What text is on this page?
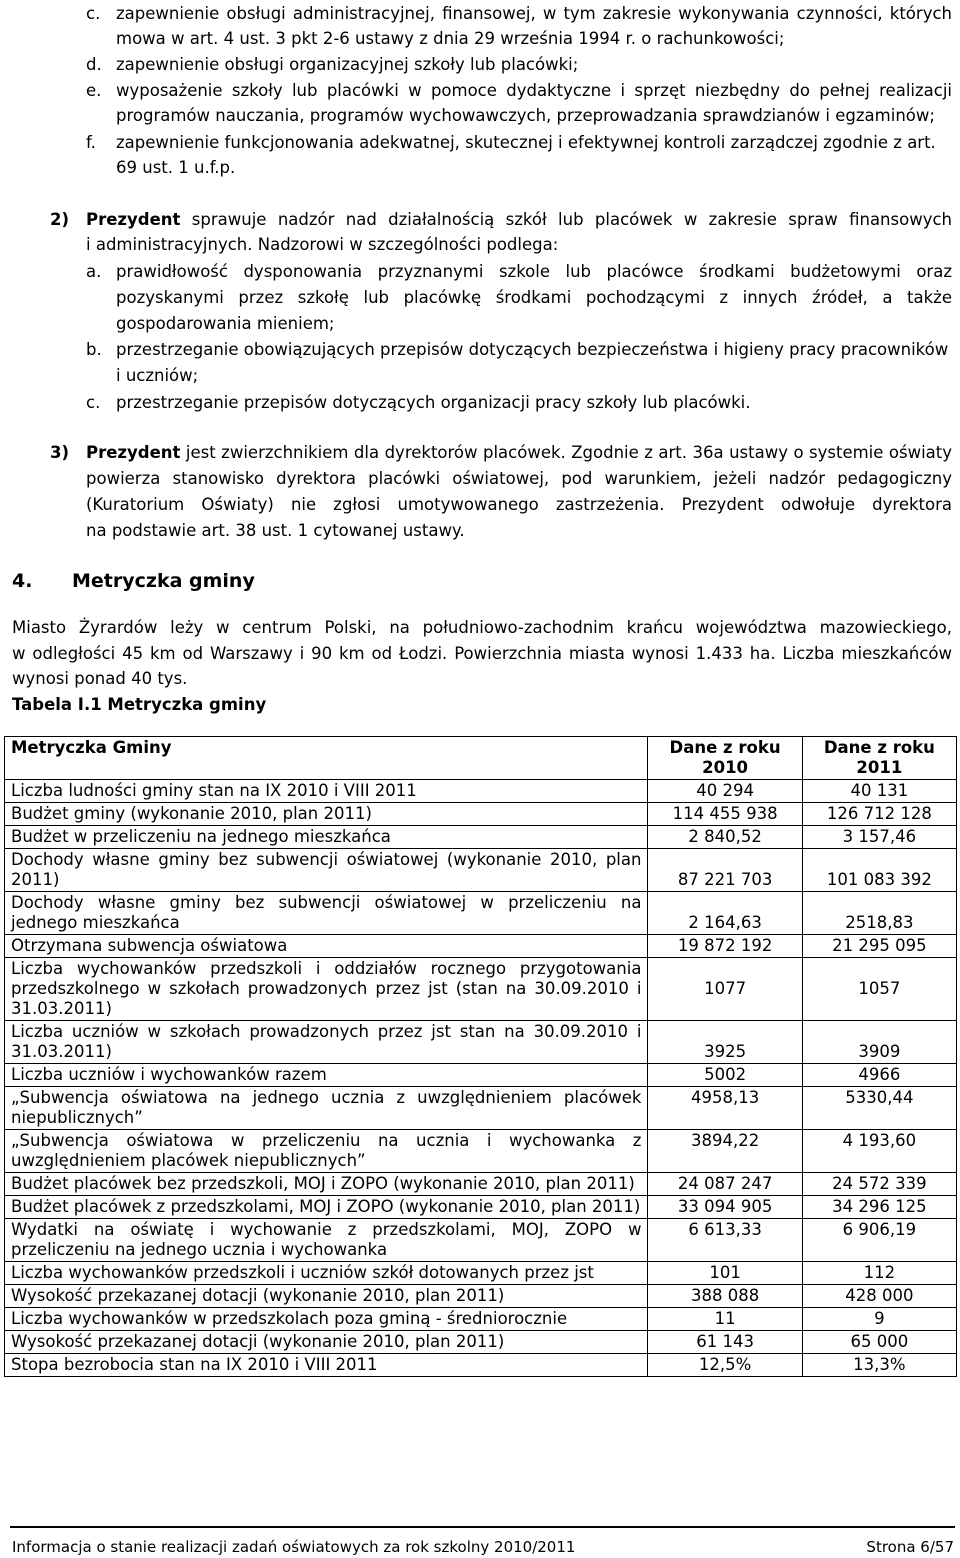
c. zapewnienie obsługi administracyjnej, finansowej, w tym zakresie wykonywania czynności, których
mowa w art. 4 ust. 3 pkt 2-6 ustawy z dnia 29 września 1994 r. o rachunkowości;
d. zapewnienie obsługi organizacyjnej szkoły lub placówki;
e. wyposażenie szkoły lub placówki w pomoce dydaktyczne i sprzęt niezbędny do pełnej realizacji
programów nauczania, programów wychowawczych, przeprowadzania sprawdzianów i egzaminów;
f. zapewnienie funkcjonowania adekwatnej, skutecznej i efektywnej kontroli zarządczej zgodnie z art.
69 ust. 1 u.f.p.
2) Prezydent sprawuje nadzór nad działalnością szkół lub placówek w zakresie spraw finansowych
i administracyjnych. Nadzorowi w szczególności podlega:
a. prawidłowość dysponowania przyznanymi szkole lub placówce środkami budżetowymi oraz
pozyskanymi przez szkołę lub placówkę środkami pochodzącymi z innych źródeł, a także
gospodarowania mieniem;
b. przestrzeganie obowiązujących przepisów dotyczących bezpieczeństwa i higieny pracy pracowników
i uczniów;
c. przestrzeganie przepisów dotyczących organizacji pracy szkoły lub placówki.
3) Prezydent jest zwierzchnikiem dla dyrektorów placówek. Zgodnie z art. 36a ustawy o systemie oświaty
powierza stanowisko dyrektora placówki oświatowej, pod warunkiem, jeżeli nadzór pedagogiczny
(Kuratorium Oświaty) nie zgłosi umotywowanego zastrzeżenia. Prezydent odwołuje dyrektora
na podstawie art. 38 ust. 1 cytowanej ustawy.
4. Metryczka gminy
Miasto Żyrardów leży w centrum Polski, na południowo-zachodnim krańcu województwa mazowieckiego,
w odległości 45 km od Warszawy i 90 km od Łodzi. Powierzchnia miasta wynosi 1.433 ha. Liczba mieszkańców
wynosi ponad 40 tys.
Tabela I.1 Metryczka gminy
Metryczka Gminy	Dane z roku 2010	Dane z roku 2011
Liczba ludności gminy stan na IX 2010 i VIII 2011	40 294	40 131
Budżet gminy (wykonanie 2010, plan 2011)	114 455 938	126 712 128
Budżet w przeliczeniu na jednego mieszkańca	2 840,52	3 157,46
Dochody własne gminy bez subwencji oświatowej (wykonanie 2010, plan 2011)	87 221 703	101 083 392
Dochody własne gminy bez subwencji oświatowej w przeliczeniu na jednego mieszkańca	2 164,63	2518,83
Otrzymana subwencja oświatowa	19 872 192	21 295 095
Liczba wychowanków przedszkoli i oddziałów rocznego przygotowania przedszkolnego w szkołach prowadzonych przez jst (stan na 30.09.2010 i 31.03.2011)	1077	1057
Liczba uczniów w szkołach prowadzonych przez jst stan na 30.09.2010 i 31.03.2011)	3925	3909
Liczba uczniów i wychowanków razem	5002	4966
„Subwencja oświatowa na jednego ucznia z uwzględnieniem placówek niepublicznych”	4958,13	5330,44
„Subwencja oświatowa w przeliczeniu na ucznia i wychowanka z uwzględnieniem placówek niepublicznych”	3894,22	4 193,60
Budżet placówek bez przedszkoli, MOJ i ZOPO (wykonanie 2010, plan 2011)	24 087 247	24 572 339
Budżet placówek z przedszkolami, MOJ i ZOPO (wykonanie 2010, plan 2011)	33 094 905	34 296 125
Wydatki na oświatę i wychowanie z przedszkolami, MOJ, ZOPO w przeliczeniu na jednego ucznia i wychowanka	6 613,33	6 906,19
Liczba wychowanków przedszkoli i uczniów szkół dotowanych przez jst	101	112
Wysokość przekazanej dotacji (wykonanie 2010, plan 2011)	388 088	428 000
Liczba wychowanków w przedszkolach poza gminą - średniorocznie	11	9
Wysokość przekazanej dotacji (wykonanie 2010, plan 2011)	61 143	65 000
Stopa bezrobocia stan na IX 2010 i VIII 2011	12,5%	13,3%
Informacja o stanie realizacji zadań oświatowych za rok szkolny 2010/2011	Strona 6/57
